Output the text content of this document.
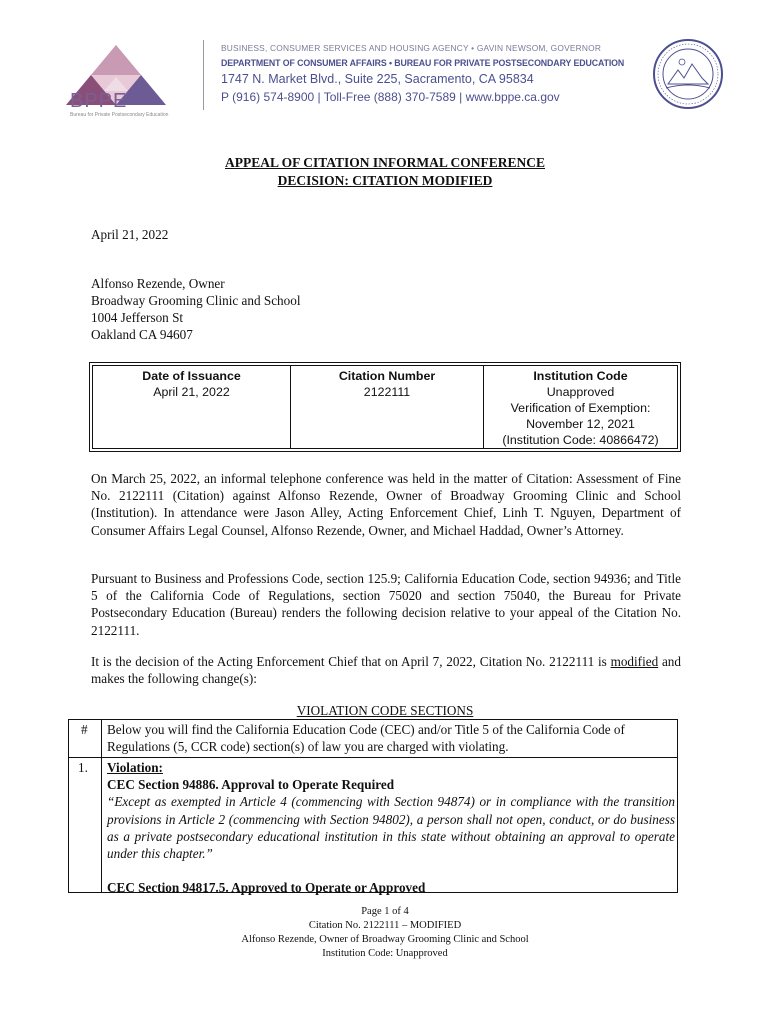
BPPE
Bureau for Private Postsecondary Education
BUSINESS, CONSUMER SERVICES AND HOUSING AGENCY • GAVIN NEWSOM, GOVERNOR
DEPARTMENT OF CONSUMER AFFAIRS • BUREAU FOR PRIVATE POSTSECONDARY EDUCATION
1747 N. Market Blvd., Suite 225, Sacramento, CA 95834
P (916) 574-8900 | Toll-Free (888) 370-7589 | www.bppe.ca.gov
APPEAL OF CITATION INFORMAL CONFERENCE
DECISION: CITATION MODIFIED
April 21, 2022
Alfonso Rezende, Owner
Broadway Grooming Clinic and School
1004 Jefferson St
Oakland CA 94607
Date of Issuance
April 21, 2022
Citation Number
2122111
Institution Code
Unapproved
Verification of Exemption:
November 12, 2021
(Institution Code: 40866472)
On March 25, 2022, an informal telephone conference was held in the matter of Citation: Assessment of Fine No. 2122111 (Citation) against Alfonso Rezende, Owner of Broadway Grooming Clinic and School (Institution). In attendance were Jason Alley, Acting Enforcement Chief, Linh T. Nguyen, Department of Consumer Affairs Legal Counsel, Alfonso Rezende, Owner, and Michael Haddad, Owner’s Attorney.
Pursuant to Business and Professions Code, section 125.9; California Education Code, section 94936; and Title 5 of the California Code of Regulations, section 75020 and section 75040, the Bureau for Private Postsecondary Education (Bureau) renders the following decision relative to your appeal of the Citation No. 2122111.
It is the decision of the Acting Enforcement Chief that on April 7, 2022, Citation No. 2122111 is modified and makes the following change(s):
VIOLATION CODE SECTIONS
# Below you will find the California Education Code (CEC) and/or Title 5 of the California Code of Regulations (5, CCR code) section(s) of law you are charged with violating.
1. Violation:
CEC Section 94886. Approval to Operate Required
“Except as exempted in Article 4 (commencing with Section 94874) or in compliance with the transition provisions in Article 2 (commencing with Section 94802), a person shall not open, conduct, or do business as a private postsecondary educational institution in this state without obtaining an approval to operate under this chapter.”
CEC Section 94817.5. Approved to Operate or Approved
Page 1 of 4
Citation No. 2122111 – MODIFIED
Alfonso Rezende, Owner of Broadway Grooming Clinic and School
Institution Code: Unapproved
